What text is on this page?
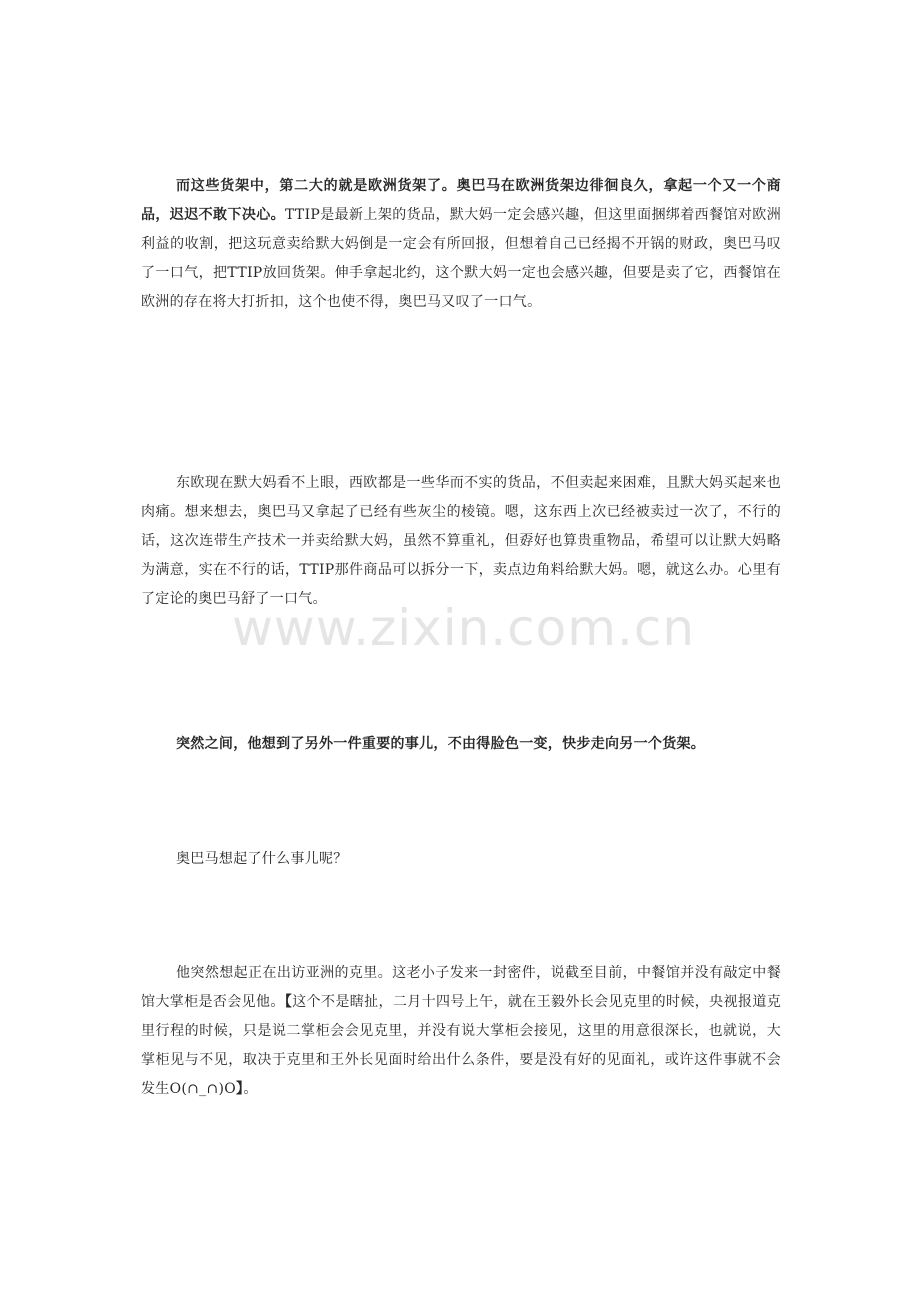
而这些货架中，第二大的就是欧洲货架了。奥巴马在欧洲货架边徘徊良久，拿起一个又一个商品，迟迟不敢下决心。TTIP是最新上架的货品，默大妈一定会感兴趣，但这里面捆绑着西餐馆对欧洲利益的收割，把这玩意卖给默大妈倒是一定会有所回报，但想着自己已经揭不开锅的财政，奥巴马叹了一口气，把TTIP放回货架。伸手拿起北约，这个默大妈一定也会感兴趣，但要是卖了它，西餐馆在欧洲的存在将大打折扣，这个也使不得，奥巴马又叹了一口气。

东欧现在默大妈看不上眼，西欧都是一些华而不实的货品，不但卖起来困难，且默大妈买起来也肉痛。想来想去，奥巴马又拿起了已经有些灰尘的棱镜。嗯，这东西上次已经被卖过一次了，不行的话，这次连带生产技术一并卖给默大妈，虽然不算重礼，但孬好也算贵重物品，希望可以让默大妈略为满意，实在不行的话，TTIP那件商品可以拆分一下，卖点边角料给默大妈。嗯，就这么办。心里有了定论的奥巴马舒了一口气。

突然之间，他想到了另外一件重要的事儿，不由得脸色一变，快步走向另一个货架。

奥巴马想起了什么事儿呢？

他突然想起正在出访亚洲的克里。这老小子发来一封密件，说截至目前，中餐馆并没有敲定中餐馆大掌柜是否会见他。【这个不是瞎扯，二月十四号上午，就在王毅外长会见克里的时候，央视报道克里行程的时候，只是说二掌柜会会见克里，并没有说大掌柜会接见，这里的用意很深长，也就说，大掌柜见与不见，取决于克里和王外长见面时给出什么条件，要是没有好的见面礼，或许这件事就不会发生O(∩_∩)O】。

www.zixin.com.cn
